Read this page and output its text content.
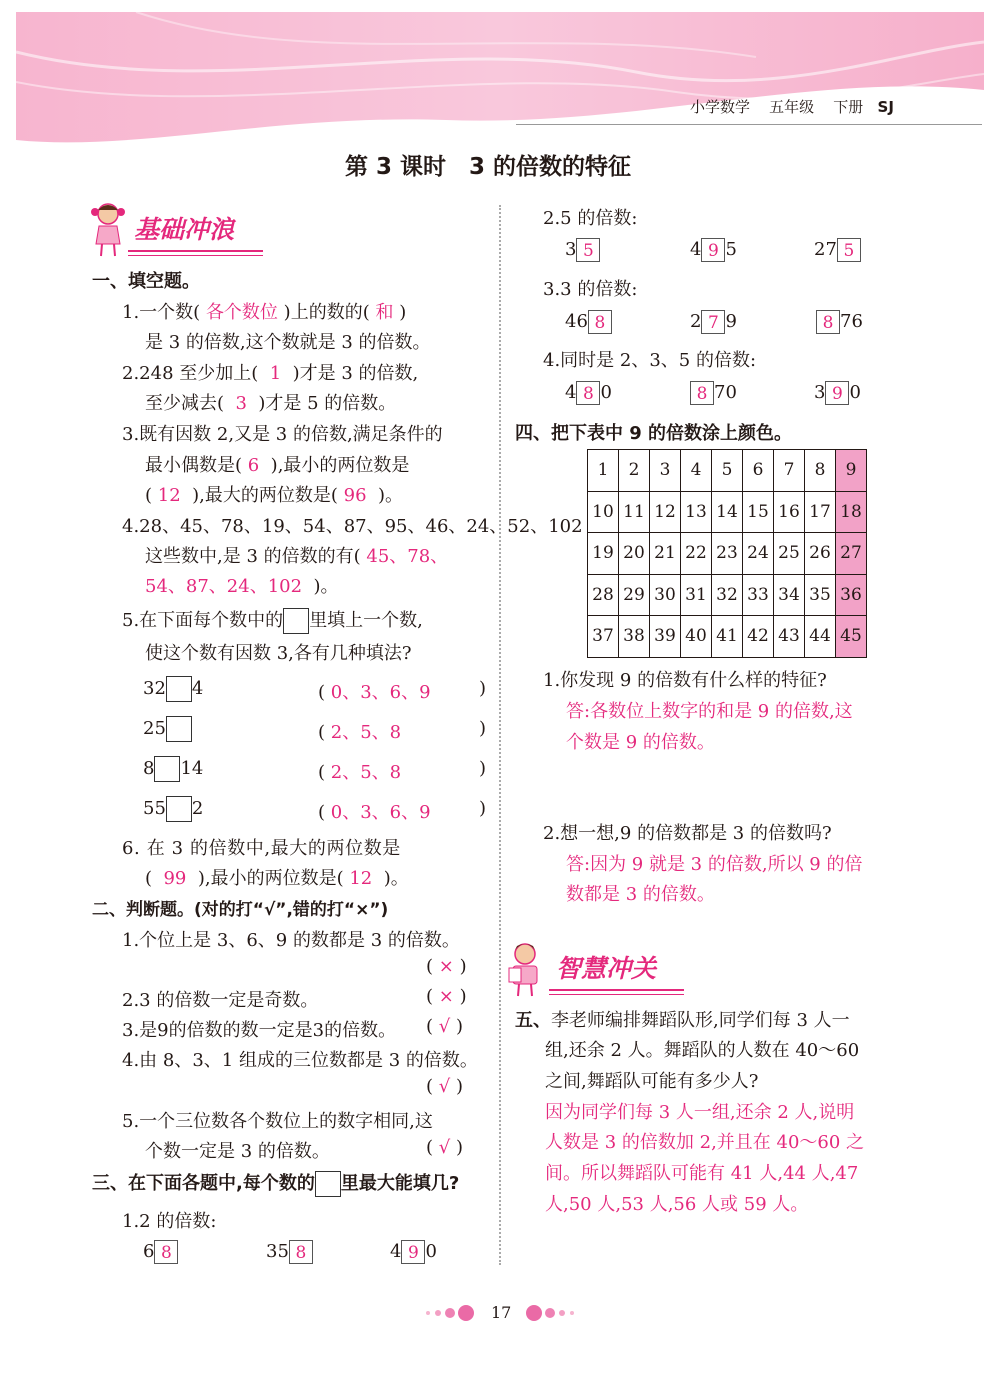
小学数学 五年级 下册 SJ
第 3 课时　3 的倍数的特征
基础冲浪
一、填空题。
1.一个数( 各个数位 )上的数的( 和 )
是 3 的倍数,这个数就是 3 的倍数。
2.248 至少加上( 1 )才是 3 的倍数,
至少减去( 3 )才是 5 的倍数。
3.既有因数 2,又是 3 的倍数,满足条件的
最小偶数是( 6 ),最小的两位数是
( 12 ),最大的两位数是( 96 )。
4.28、45、78、19、54、87、95、46、24、52、102
这些数中,是 3 的倍数的有( 45、78、
54、87、24、102 )。
5.在下面每个数中的 里填上一个数,
使这个数有因数 3,各有几种填法?
32 4	( 0、3、6、9	)
25	( 2、5、8	)
8 14	( 2、5、8	)
55 2	( 0、3、6、9	)
6. 在 3 的倍数中,最大的两位数是
( 99 ),最小的两位数是( 12 )。
二、判断题。(对的打“√”,错的打“×”)
1.个位上是 3、6、9 的数都是 3 的倍数。
( × )
2.3 的倍数一定是奇数。	( × )
3.是9的倍数的数一定是3的倍数。 ( √ )
4.由 8、3、1 组成的三位数都是 3 的倍数。
( √ )
5.一个三位数各个数位上的数字相同,这
个数一定是 3 的倍数。	( √ )
三、在下面各题中,每个数的 里最大能填几?
1.2 的倍数:
6 8	35 8	4 9 0
2.5 的倍数:
3 5	4 9 5	27 5
3.3 的倍数:
46 8	2 7 9	8 76
4.同时是 2、3、5 的倍数:
4 8 0	8 70	3 9 0
四、把下表中 9 的倍数涂上颜色。
1	2	3	4	5	6	7	8	9
10	11	12	13	14	15	16	17	18
19	20	21	22	23	24	25	26	27
28	29	30	31	32	33	34	35	36
37	38	39	40	41	42	43	44	45
1.你发现 9 的倍数有什么样的特征?
答:各数位上数字的和是 9 的倍数,这
个数是 9 的倍数。
2.想一想,9 的倍数都是 3 的倍数吗?
答:因为 9 就是 3 的倍数,所以 9 的倍
数都是 3 的倍数。
智慧冲关
五、李老师编排舞蹈队形,同学们每 3 人一
组,还余 2 人。舞蹈队的人数在 40～60
之间,舞蹈队可能有多少人?
因为同学们每 3 人一组,还余 2 人,说明
人数是 3 的倍数加 2,并且在 40～60 之
间。所以舞蹈队可能有 41 人,44 人,47
人,50 人,53 人,56 人或 59 人。
17
